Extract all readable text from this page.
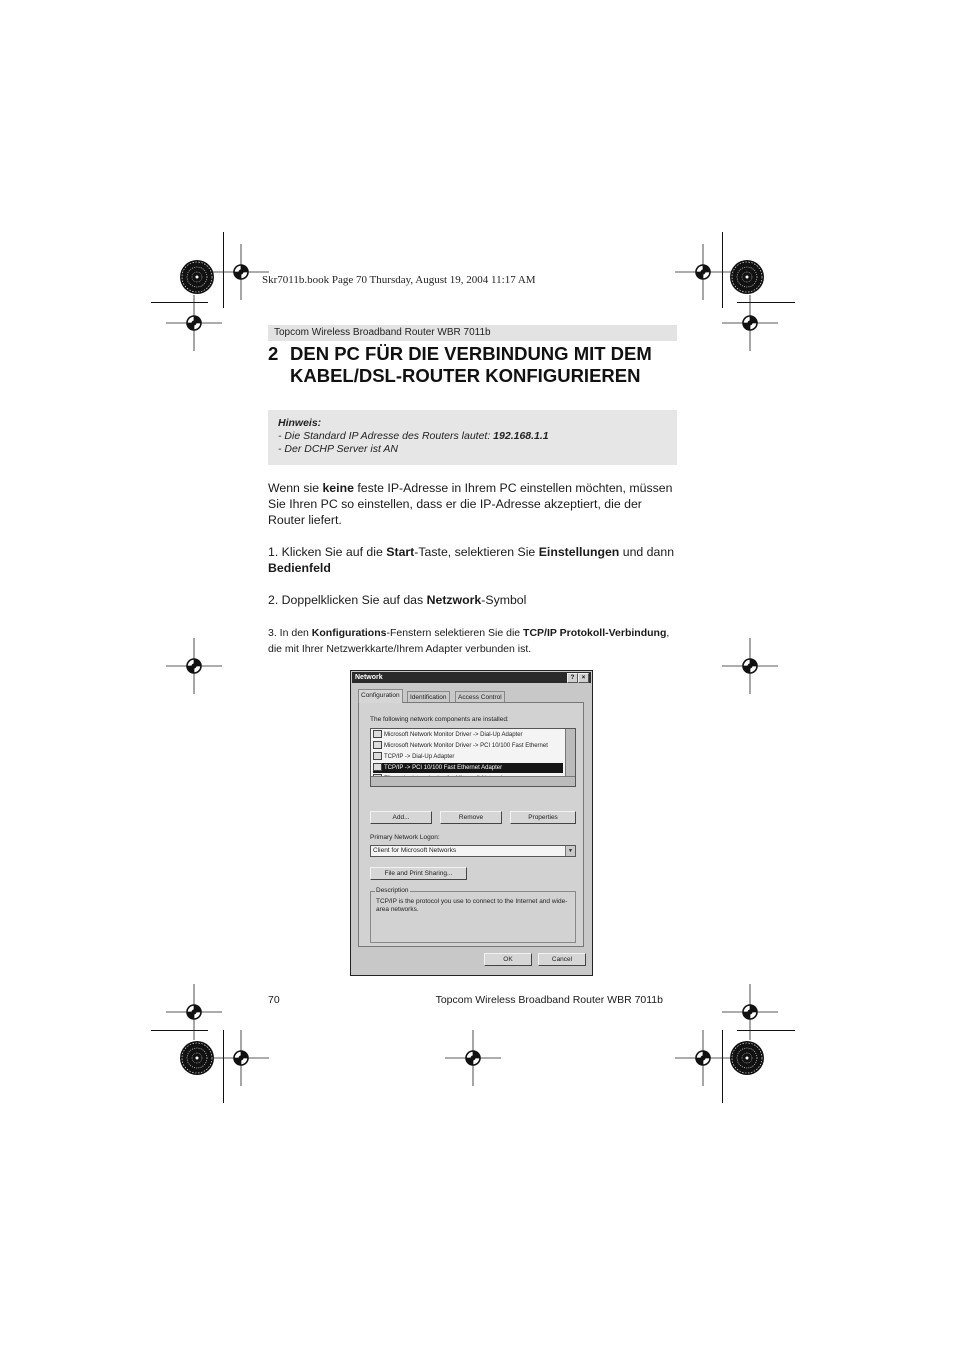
Skr7011b.book Page 70 Thursday, August 19, 2004 11:17 AM
Topcom Wireless Broadband Router WBR 7011b
2 DEN PC FÜR DIE VERBINDUNG MIT DEM KABEL/DSL-ROUTER KONFIGURIEREN
Hinweis:
- Die Standard IP Adresse des Routers lautet: 192.168.1.1
- Der DCHP Server ist AN
Wenn sie keine feste IP-Adresse in Ihrem PC einstellen möchten, müssen Sie Ihren PC so einstellen, dass er die IP-Adresse akzeptiert, die der Router liefert.
1. Klicken Sie auf die Start-Taste, selektieren Sie Einstellungen und dann Bedienfeld
2. Doppelklicken Sie auf das Netzwork-Symbol
3. In den Konfigurations-Fenstern selektieren Sie die TCP/IP Protokoll-Verbindung, die mit Ihrer Netzwerkkarte/Ihrem Adapter verbunden ist.
Network	?	×
Configuration	Identification	Access Control
The following network components are installed:
Microsoft Network Monitor Driver -> Dial-Up Adapter
Microsoft Network Monitor Driver -> PCI 10/100 Fast Ethernet
TCP/IP -> Dial-Up Adapter
TCP/IP -> PCI 10/100 Fast Ethernet Adapter
Add...	Remove	Properties
Primary Network Logon:
Client for Microsoft Networks	▼
File and Print Sharing...
Description
TCP/IP is the protocol you use to connect to the Internet and wide-area networks.
OK	Cancel
70	Topcom Wireless Broadband Router WBR 7011b
